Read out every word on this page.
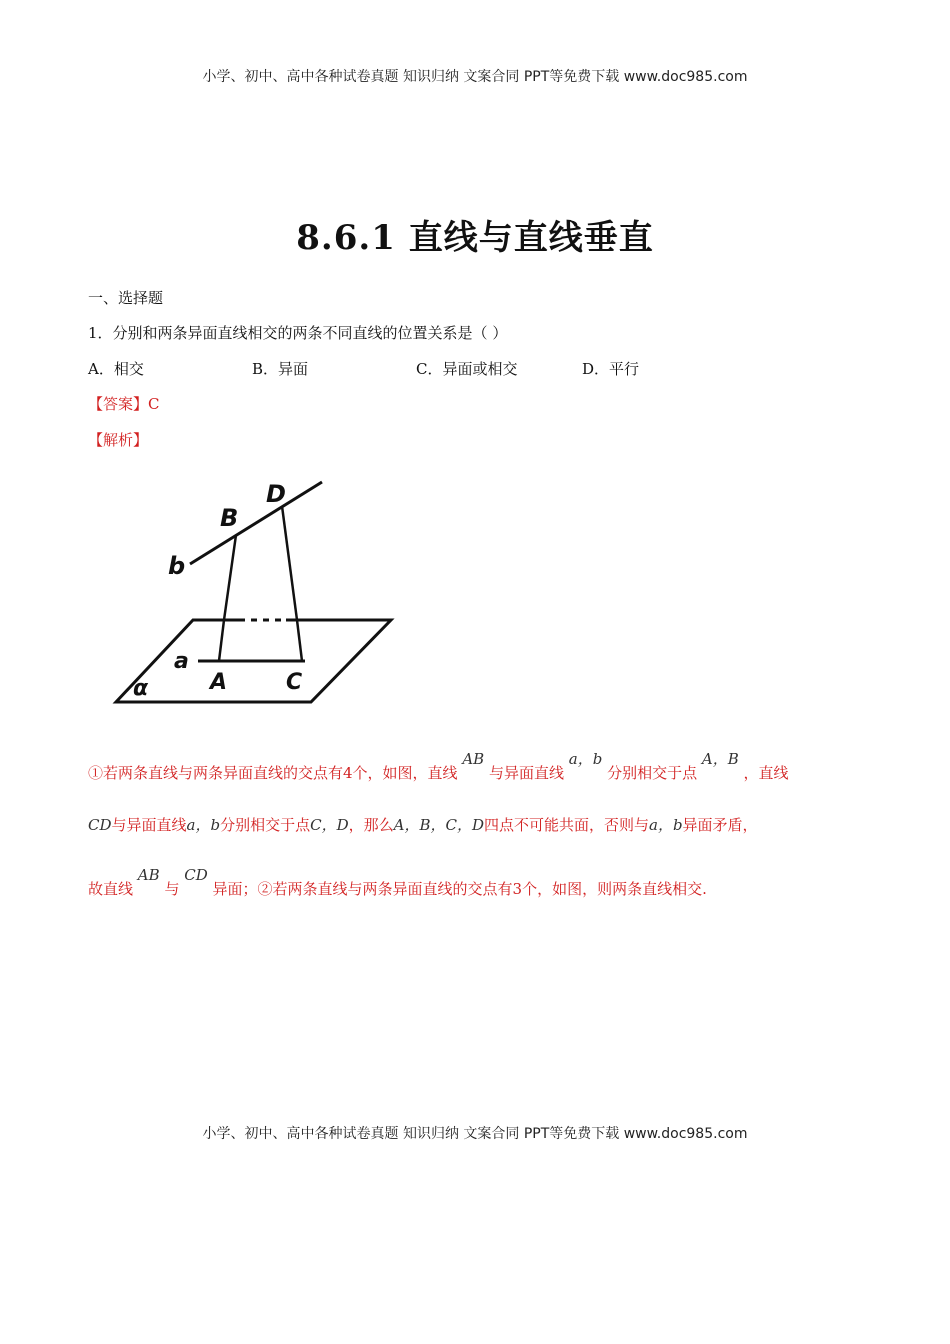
小学、初中、高中各种试卷真题 知识归纳 文案合同 PPT等免费下载 www.doc985.com
8.6.1 直线与直线垂直
一、选择题
1．分别和两条异面直线相交的两条不同直线的位置关系是（ ）
A．相交	B．异面	C．异面或相交	D．平行
【答案】C
【解析】
D
B
b
a
A	C
α
①若两条直线与两条异面直线的交点有4个，如图，直线 AB 与异面直线 a，b 分别相交于点 A，B ，直线
CD与异面直线a，b分别相交于点C，D，那么A，B，C，D四点不可能共面，否则与a，b异面矛盾，
故直线 AB 与 CD 异面；②若两条直线与两条异面直线的交点有3个，如图，则两条直线相交.
小学、初中、高中各种试卷真题 知识归纳 文案合同 PPT等免费下载 www.doc985.com
